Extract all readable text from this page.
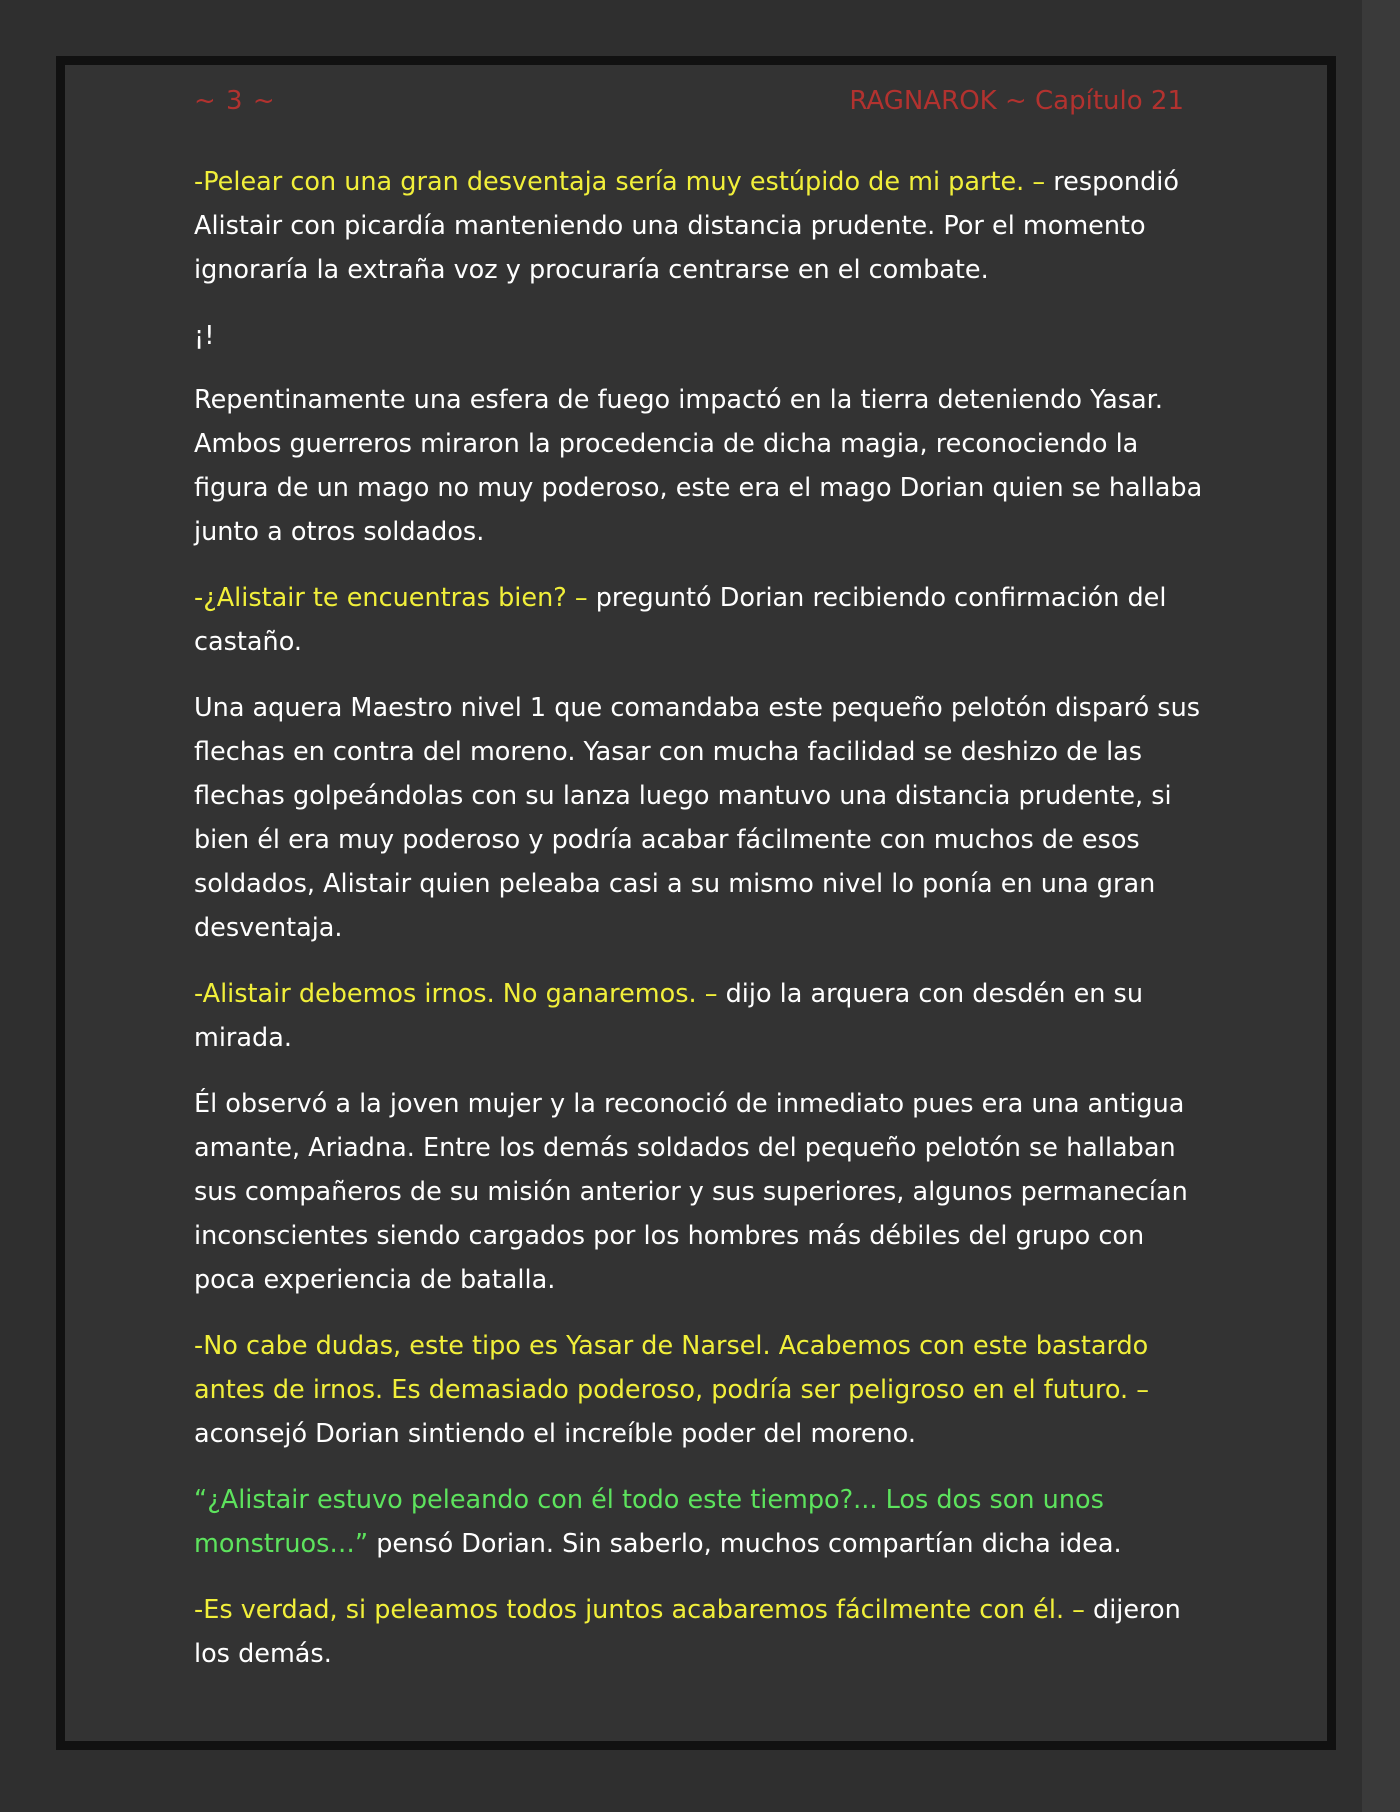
~ 3 ~	RAGNAROK ~ Capítulo 21

-Pelear con una gran desventaja sería muy estúpido de mi parte. – respondió Alistair con picardía manteniendo una distancia prudente. Por el momento ignoraría la extraña voz y procuraría centrarse en el combate.

¡!

Repentinamente una esfera de fuego impactó en la tierra deteniendo Yasar. Ambos guerreros miraron la procedencia de dicha magia, reconociendo la figura de un mago no muy poderoso, este era el mago Dorian quien se hallaba junto a otros soldados.

-¿Alistair te encuentras bien? – preguntó Dorian recibiendo confirmación del castaño.

Una aquera Maestro nivel 1 que comandaba este pequeño pelotón disparó sus flechas en contra del moreno. Yasar con mucha facilidad se deshizo de las flechas golpeándolas con su lanza luego mantuvo una distancia prudente, si bien él era muy poderoso y podría acabar fácilmente con muchos de esos soldados, Alistair quien peleaba casi a su mismo nivel lo ponía en una gran desventaja.

-Alistair debemos irnos. No ganaremos. – dijo la arquera con desdén en su mirada.

Él observó a la joven mujer y la reconoció de inmediato pues era una antigua amante, Ariadna. Entre los demás soldados del pequeño pelotón se hallaban sus compañeros de su misión anterior y sus superiores, algunos permanecían inconscientes siendo cargados por los hombres más débiles del grupo con poca experiencia de batalla.

-No cabe dudas, este tipo es Yasar de Narsel. Acabemos con este bastardo antes de irnos. Es demasiado poderoso, podría ser peligroso en el futuro. – aconsejó Dorian sintiendo el increíble poder del moreno.

“¿Alistair estuvo peleando con él todo este tiempo?... Los dos son unos monstruos…” pensó Dorian. Sin saberlo, muchos compartían dicha idea.

-Es verdad, si peleamos todos juntos acabaremos fácilmente con él. – dijeron los demás.
